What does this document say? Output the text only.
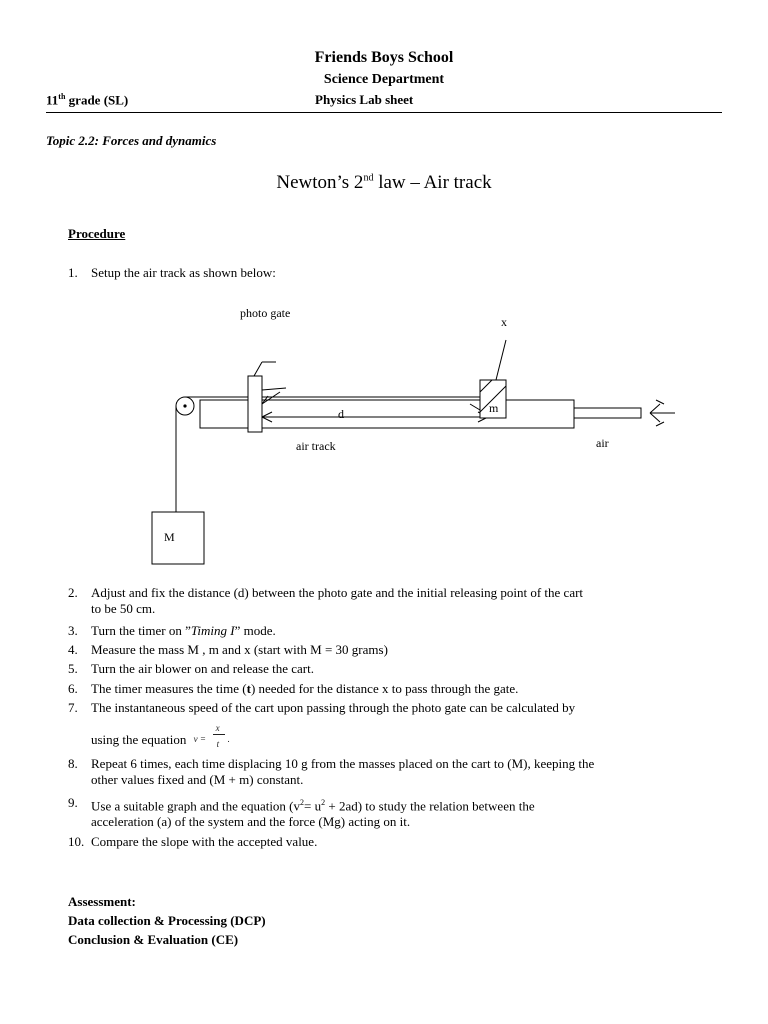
Friends Boys School
Science Department
11th grade (SL)	Physics Lab sheet
Topic 2.2: Forces and dynamics
Newton’s 2nd law – Air track
Procedure
1.	Setup the air track as shown below:
photo gate
x
d	m
air track	air
M
2.	Adjust and fix the distance (d) between the photo gate and the initial releasing point of the cart
to be 50 cm.
3.	Turn the timer on ”Timing I” mode.
4.	Measure the mass M , m and x (start with M = 30 grams)
5.	Turn the air blower on and release the cart.
6.	The timer measures the time (t) needed for the distance x to pass through the gate.
7.	The instantaneous speed of the cart upon passing through the photo gate can be calculated by
using the equation v =
x
t .
8.	Repeat 6 times, each time displacing 10 g from the masses placed on the cart to (M), keeping the
other values fixed and (M + m) constant.
9.	Use a suitable graph and the equation $(v^2= u^2 + 2ad)$ to study the relation between the
acceleration (a) of the system and the force (Mg) acting on it.
10. Compare the slope with the accepted value.
Assessment:
Data collection & Processing (DCP)
Conclusion & Evaluation (CE)
